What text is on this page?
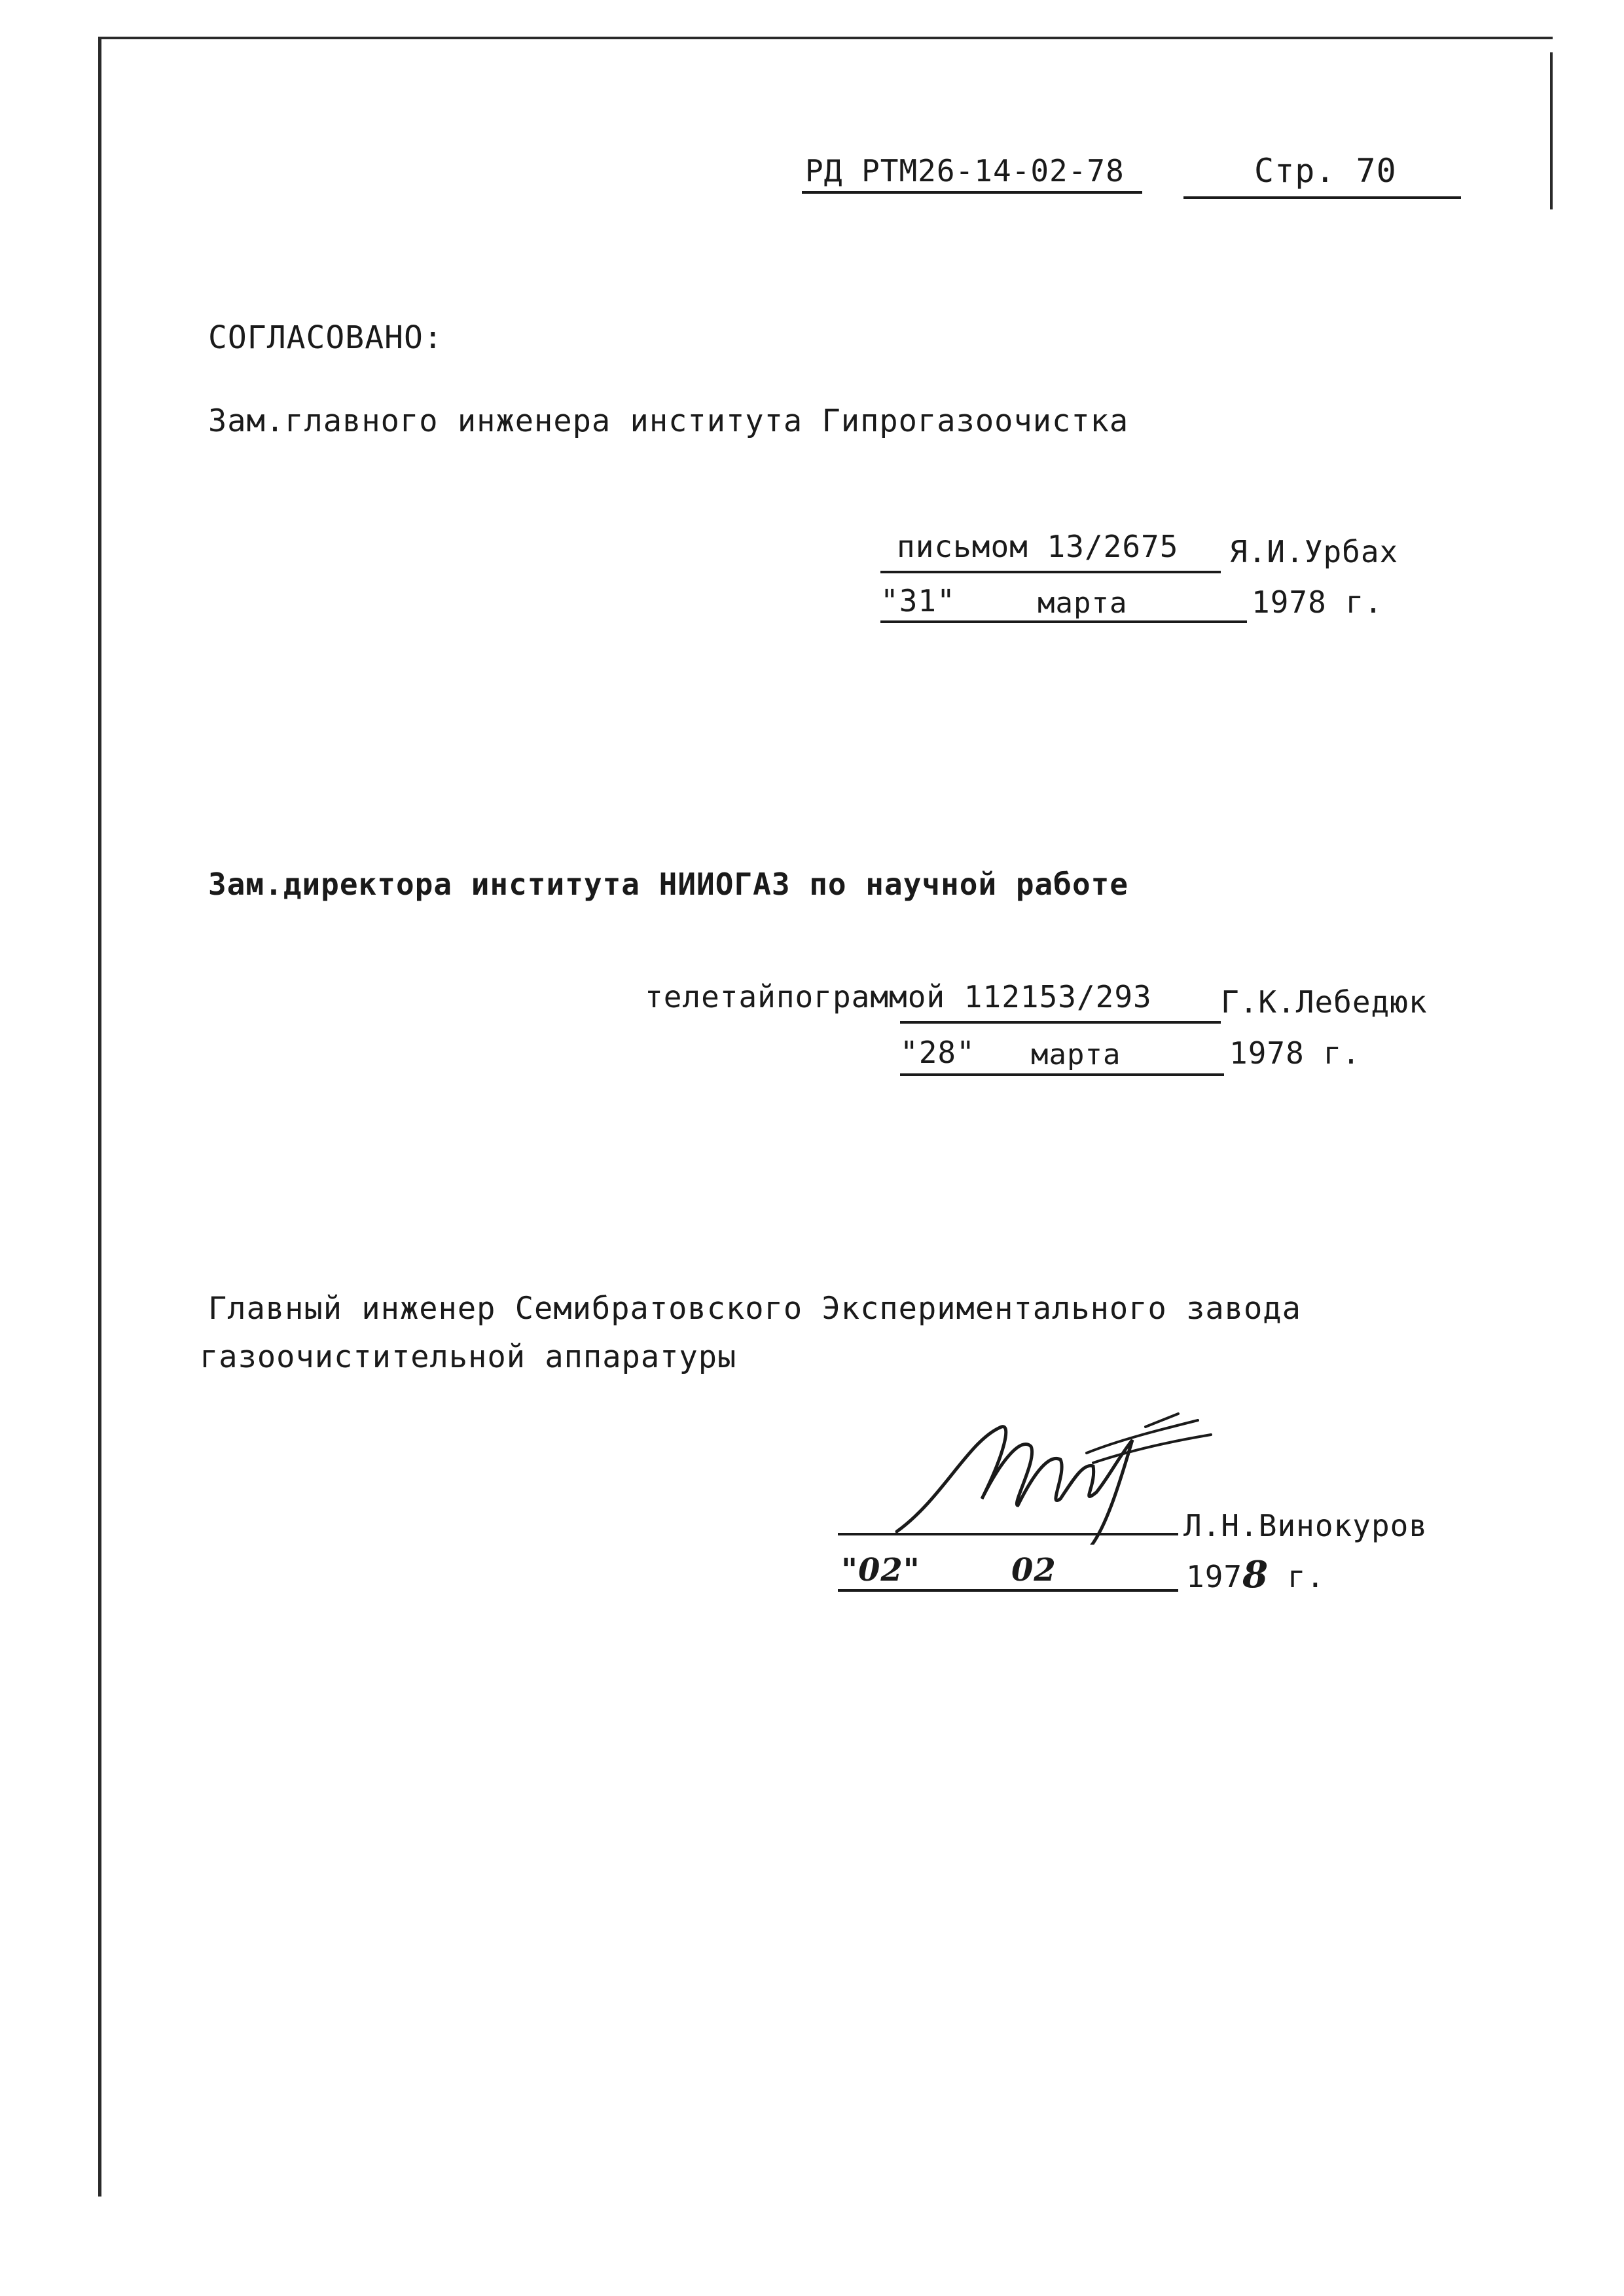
РД РТМ26-14-02-78	Стр. 70
СОГЛАСОВАНО:
Зам.главного инженера института Гипрогазоочистка
письмом 13/2675 Я.И.Урбах
"31"	марта	1978 г.
Зам.директора института НИИОГАЗ по научной работе
телетайпограммой 112153/293 Г.К.Лебедюк
"28" марта	1978 г.
Главный инженер Семибратовского Экспериментального завода
газоочистительной аппаратуры
Л.Н.Винокуров
"02"	02	1978 г.
